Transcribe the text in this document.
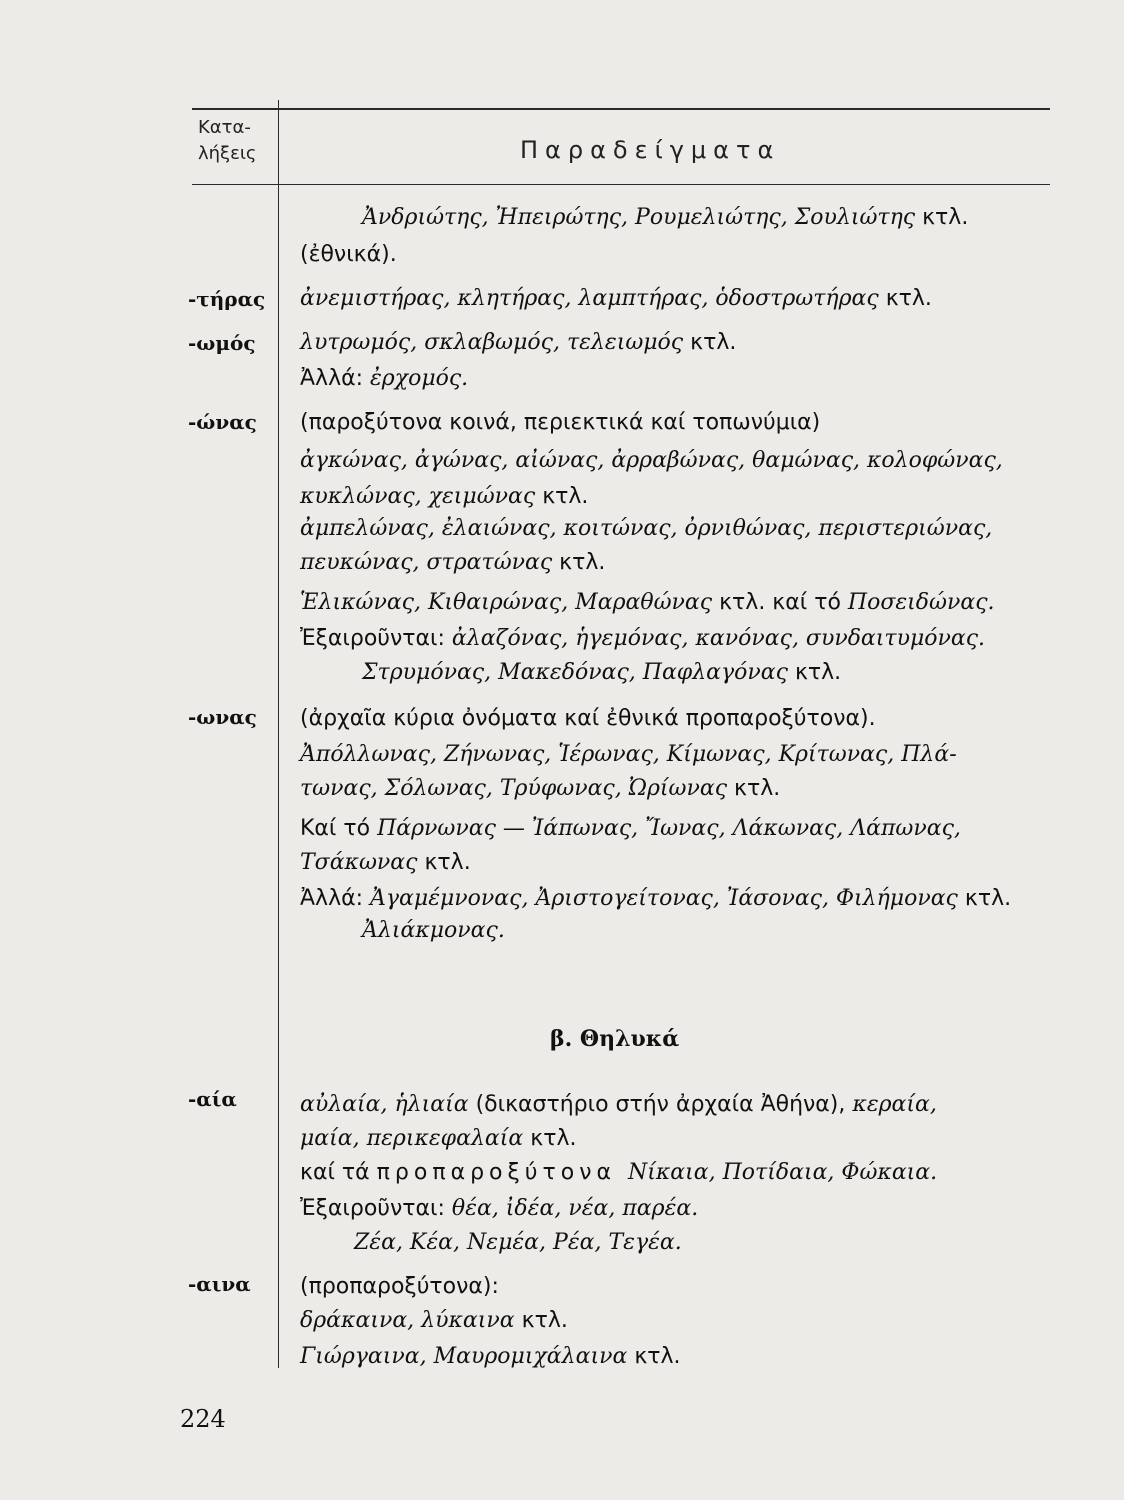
Κατα-
λήξεις	Παραδείγματα
-τήρας
-ωμός
-ώνας
-ωνας
-αία
-αινα
Ἀνδριώτης, Ἠπειρώτης, Ρουμελιώτης, Σουλιώτης κτλ.
(ἐθνικά).
ἀνεμιστήρας, κλητήρας, λαμπτήρας, ὁδοστρωτήρας κτλ.
λυτρωμός, σκλαβωμός, τελειωμός κτλ.
Ἀλλά: ἐρχομός.
(παροξύτονα κοινά, περιεκτικά καί τοπωνύμια)
ἀγκώνας, ἀγώνας, αἰώνας, ἀρραβώνας, θαμώνας, κολοφώνας,
κυκλώνας, χειμώνας κτλ.
ἀμπελώνας, ἐλαιώνας, κοιτώνας, ὀρνιθώνας, περιστεριώνας,
πευκώνας, στρατώνας κτλ.
Ἑλικώνας, Κιθαιρώνας, Μαραθώνας κτλ. καί τό Ποσειδώνας.
Ἐξαιροῦνται: ἀλαζόνας, ἡγεμόνας, κανόνας, συνδαιτυμόνας.
Στρυμόνας, Μακεδόνας, Παφλαγόνας κτλ.
(ἀρχαῖα κύρια ὀνόματα καί ἐθνικά προπαροξύτονα).
Ἀπόλλωνας, Ζήνωνας, Ἱέρωνας, Κίμωνας, Κρίτωνας, Πλά-
τωνας, Σόλωνας, Τρύφωνας, Ὠρίωνας κτλ.
Καί τό Πάρνωνας — Ἰάπωνας, Ἴωνας, Λάκωνας, Λάπωνας,
Τσάκωνας κτλ.
Ἀλλά: Ἀγαμέμνονας, Ἀριστογείτονας, Ἰάσονας, Φιλήμονας κτλ.
Ἀλιάκμονας.
β. Θηλυκά
αὐλαία, ἡλιαία (δικαστήριο στήν ἀρχαία Ἀθήνα), κεραία,
μαία, περικεφαλαία κτλ.
καί τά προπαροξύτονα Νίκαια, Ποτίδαια, Φώκαια.
Ἐξαιροῦνται: θέα, ἰδέα, νέα, παρέα.
Ζέα, Κέα, Νεμέα, Ρέα, Τεγέα.
(προπαροξύτονα):
δράκαινα, λύκαινα κτλ.
Γιώργαινα, Μαυρομιχάλαινα κτλ.
224
